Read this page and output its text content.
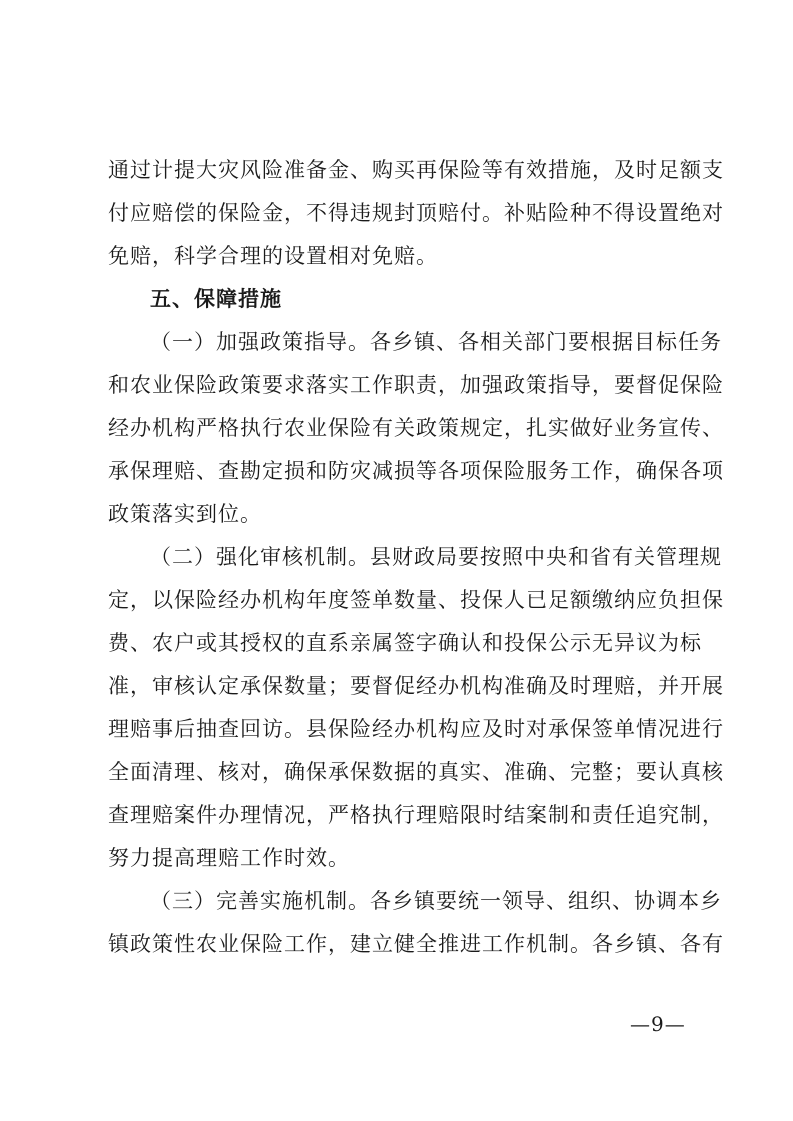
通过计提大灾风险准备金、购买再保险等有效措施，及时足额支
付应赔偿的保险金，不得违规封顶赔付。补贴险种不得设置绝对
免赔，科学合理的设置相对免赔。
五、保障措施
（一）加强政策指导。各乡镇、各相关部门要根据目标任务
和农业保险政策要求落实工作职责，加强政策指导，要督促保险
经办机构严格执行农业保险有关政策规定，扎实做好业务宣传、
承保理赔、查勘定损和防灾减损等各项保险服务工作，确保各项
政策落实到位。
（二）强化审核机制。县财政局要按照中央和省有关管理规
定，以保险经办机构年度签单数量、投保人已足额缴纳应负担保
费、农户或其授权的直系亲属签字确认和投保公示无异议为标
准，审核认定承保数量；要督促经办机构准确及时理赔，并开展
理赔事后抽查回访。县保险经办机构应及时对承保签单情况进行
全面清理、核对，确保承保数据的真实、准确、完整；要认真核
查理赔案件办理情况，严格执行理赔限时结案制和责任追究制，
努力提高理赔工作时效。
（三）完善实施机制。各乡镇要统一领导、组织、协调本乡
镇政策性农业保险工作，建立健全推进工作机制。各乡镇、各有
—9—
